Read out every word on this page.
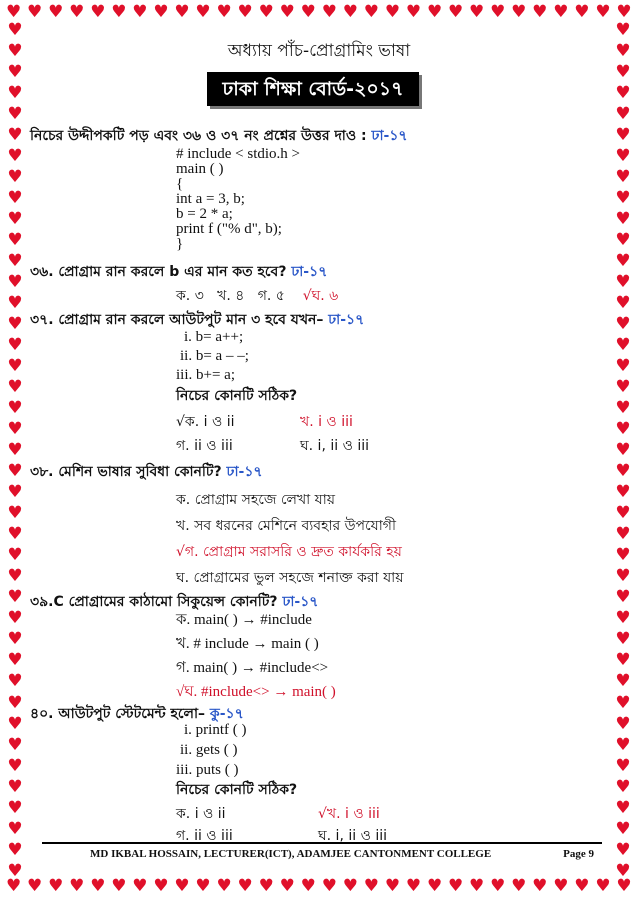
♥ ♥ ♥ ♥ ♥ ♥ ♥ ♥ ♥ ♥ ♥ ♥ ♥ ♥ ♥ ♥ ♥ ♥ ♥ ♥ ♥ ♥ ♥ ♥ ♥ ♥ ♥ ♥ ♥ ♥
♥ ♥ ♥ ♥ ♥ ♥ ♥ ♥ ♥ ♥ ♥ ♥ ♥ ♥ ♥ ♥ ♥ ♥ ♥ ♥ ♥ ♥ ♥ ♥ ♥ ♥ ♥ ♥ ♥ ♥
♥
♥
♥
♥
♥
♥
♥
♥
♥
♥
♥
♥
♥
♥
♥
♥
♥
♥
♥
♥
♥
♥
♥
♥
♥
♥
♥
♥
♥
♥
♥
♥
♥
♥
♥
♥
♥
♥
♥
♥
♥
♥
♥
♥
♥
♥
♥
♥
♥
♥
♥
♥
♥
♥
♥
♥
♥
♥
♥
♥
♥
♥
♥
♥
♥
♥
♥
♥
♥
♥
♥
♥
♥
♥
♥
♥
♥
♥
♥
♥
♥
♥
অধ্যায় পাঁচ-প্রোগ্রামিং ভাষা
ঢাকা শিক্ষা বোর্ড-২০১৭
নিচের উদ্দীপকটি পড় এবং ৩৬ ও ৩৭ নং প্রশ্নের উত্তর দাও : ঢা-১৭
# include < stdio.h >
main ( )
{
int a = 3, b;
b = 2 * a;
print f ("% d", b);
}
৩৬. প্রোগ্রাম রান করলে b এর মান কত হবে? ঢা-১৭
ক. ৩ খ. ৪ গ. ৫ √ঘ. ৬
৩৭. প্রোগ্রাম রান করলে আউটপুট মান ৩ হবে যখন– ঢা-১৭
i. b= a++;
ii. b= a – –;
iii. b+= a;
নিচের কোনটি সঠিক?
√ক. i ও ii	খ. i ও iii
গ. ii ও iii	ঘ. i, ii ও iii
৩৮. মেশিন ভাষার সুবিধা কোনটি? ঢা-১৭
ক. প্রোগ্রাম সহজে লেখা যায়
খ. সব ধরনের মেশিনে ব্যবহার উপযোগী
√গ. প্রোগ্রাম সরাসরি ও দ্রুত কার্যকরি হয়
ঘ. প্রোগ্রামের ভুল সহজে শনাক্ত করা যায়
৩৯.C প্রোগ্রামের কাঠামো সিকুয়েন্স কোনটি? ঢা-১৭
ক. main( ) → #include
খ. # include → main ( )
গ. main( ) → #include<>
√ঘ. #include<> → main( )
৪০. আউটপুট স্টেটমেন্ট হলো– কু-১৭
i. printf ( )
ii. gets ( )
iii. puts ( )
নিচের কোনটি সঠিক?
ক. i ও ii	√খ. i ও iii
গ. ii ও iii	ঘ. i, ii ও iii
MD IKBAL HOSSAIN, LECTURER(ICT), ADAMJEE CANTONMENT COLLEGE	Page 9
